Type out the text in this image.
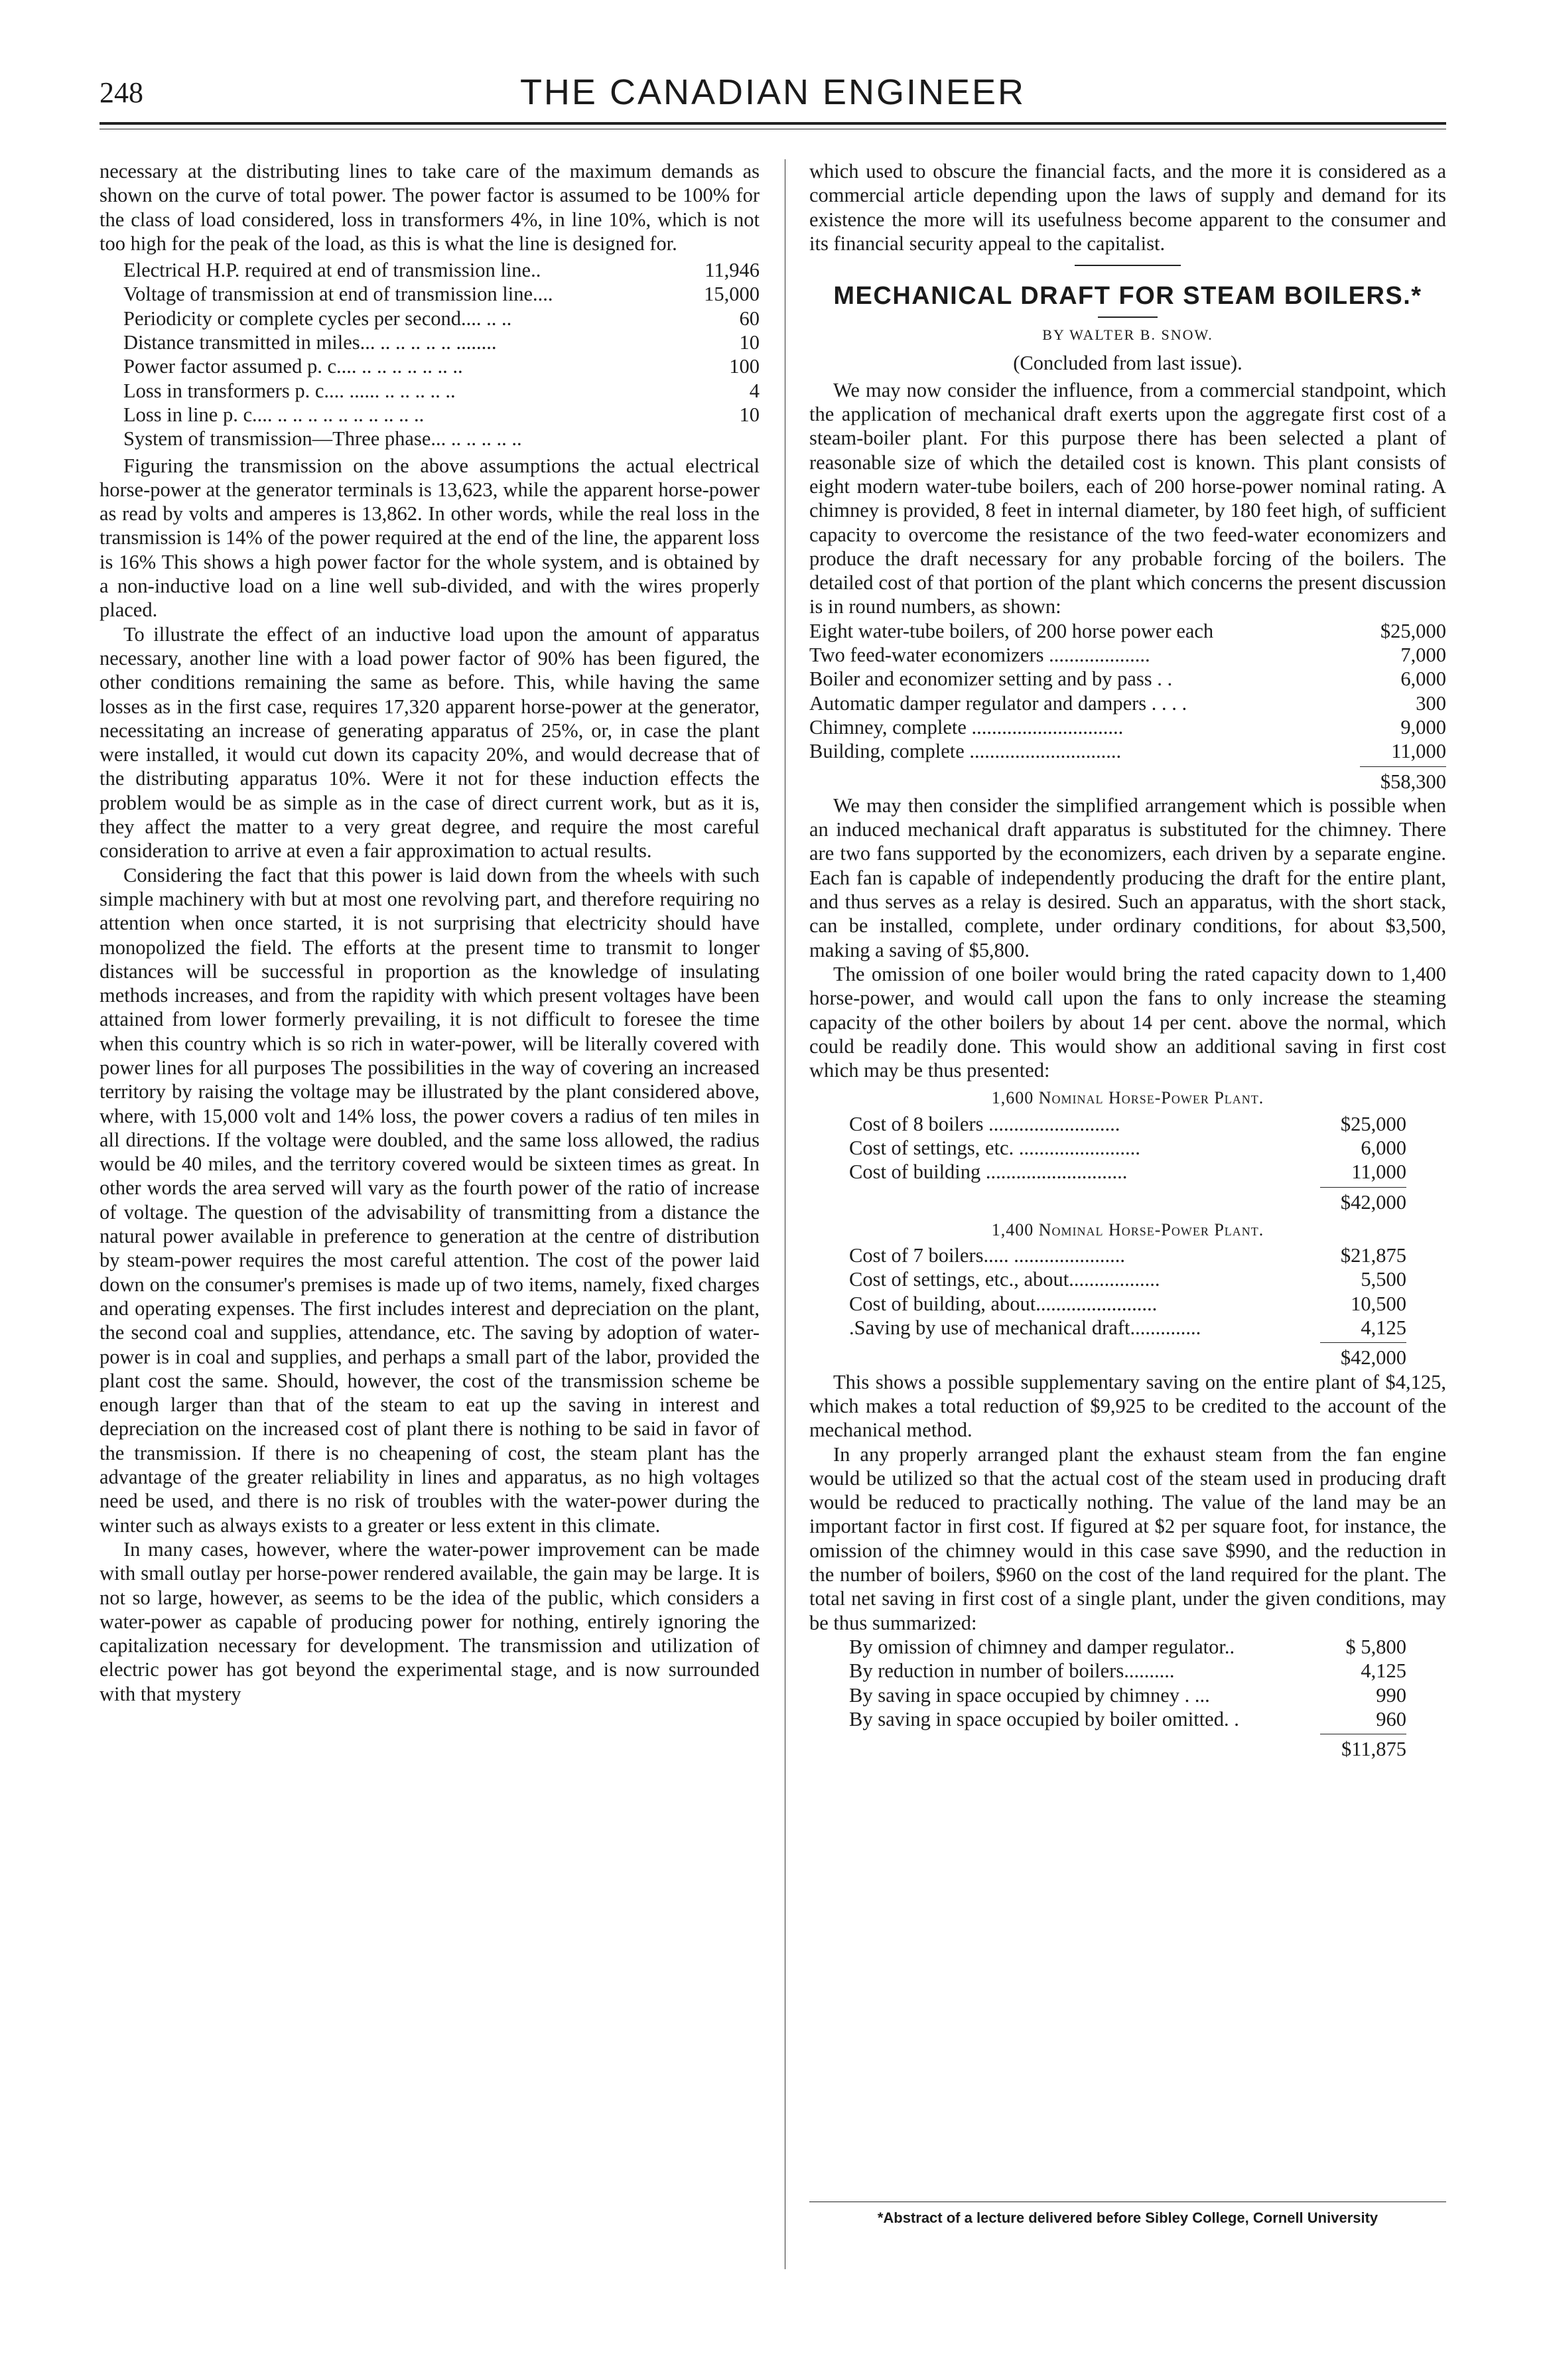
248	THE CANADIAN ENGINEER

necessary at the distributing lines to take care of the maximum demands as shown on the curve of total power. The power factor is assumed to be 100% for the class of load considered, loss in transformers 4%, in line 10%, which is not too high for the peak of the load, as this is what the line is designed for.

Electrical H.P. required at end of transmission line..	11,946
Voltage of transmission at end of transmission line....	15,000
Periodicity or complete cycles per second.... .. ..	60
Distance transmitted in miles... .. .. .. .. .. ........	10
Power factor assumed p. c.... .. .. .. .. .. .. ..	100
Loss in transformers p. c.... ...... .. .. .. .. ..	4
Loss in line p. c.... .. .. .. .. .. .. .. .. .. ..	10
System of transmission—Three phase... .. .. .. .. ..	

Figuring the transmission on the above assumptions the actual electrical horse-power at the generator terminals is 13,623, while the apparent horse-power as read by volts and amperes is 13,862. In other words, while the real loss in the transmission is 14% of the power required at the end of the line, the apparent loss is 16% This shows a high power factor for the whole system, and is obtained by a non-inductive load on a line well sub-divided, and with the wires properly placed.

To illustrate the effect of an inductive load upon the amount of apparatus necessary, another line with a load power factor of 90% has been figured, the other conditions remaining the same as before. This, while having the same losses as in the first case, requires 17,320 apparent horse-power at the generator, necessitating an increase of generating apparatus of 25%, or, in case the plant were installed, it would cut down its capacity 20%, and would decrease that of the distributing apparatus 10%. Were it not for these induction effects the problem would be as simple as in the case of direct current work, but as it is, they affect the matter to a very great degree, and require the most careful consideration to arrive at even a fair approximation to actual results.

Considering the fact that this power is laid down from the wheels with such simple machinery with but at most one revolving part, and therefore requiring no attention when once started, it is not surprising that electricity should have monopolized the field. The efforts at the present time to transmit to longer distances will be successful in proportion as the knowledge of insulating methods increases, and from the rapidity with which present voltages have been attained from lower formerly prevailing, it is not difficult to foresee the time when this country which is so rich in water-power, will be literally covered with power lines for all purposes The possibilities in the way of covering an increased territory by raising the voltage may be illustrated by the plant considered above, where, with 15,000 volt and 14% loss, the power covers a radius of ten miles in all directions. If the voltage were doubled, and the same loss allowed, the radius would be 40 miles, and the territory covered would be sixteen times as great. In other words the area served will vary as the fourth power of the ratio of increase of voltage. The question of the advisability of transmitting from a distance the natural power available in preference to generation at the centre of distribution by steam-power requires the most careful attention. The cost of the power laid down on the consumer's premises is made up of two items, namely, fixed charges and operating expenses. The first includes interest and depreciation on the plant, the second coal and supplies, attendance, etc. The saving by adoption of water-power is in coal and supplies, and perhaps a small part of the labor, provided the plant cost the same. Should, however, the cost of the transmission scheme be enough larger than that of the steam to eat up the saving in interest and depreciation on the increased cost of plant there is nothing to be said in favor of the transmission. If there is no cheapening of cost, the steam plant has the advantage of the greater reliability in lines and apparatus, as no high voltages need be used, and there is no risk of troubles with the water-power during the winter such as always exists to a greater or less extent in this climate.

In many cases, however, where the water-power improvement can be made with small outlay per horse-power rendered available, the gain may be large. It is not so large, however, as seems to be the idea of the public, which considers a water-power as capable of producing power for nothing, entirely ignoring the capitalization necessary for development. The transmission and utilization of electric power has got beyond the experimental stage, and is now surrounded with that mystery

which used to obscure the financial facts, and the more it is considered as a commercial article depending upon the laws of supply and demand for its existence the more will its usefulness become apparent to the consumer and its financial security appeal to the capitalist.

MECHANICAL DRAFT FOR STEAM BOILERS.*
BY WALTER B. SNOW.
(Concluded from last issue).

We may now consider the influence, from a commercial standpoint, which the application of mechanical draft exerts upon the aggregate first cost of a steam-boiler plant. For this purpose there has been selected a plant of reasonable size of which the detailed cost is known. This plant consists of eight modern water-tube boilers, each of 200 horse-power nominal rating. A chimney is provided, 8 feet in internal diameter, by 180 feet high, of sufficient capacity to overcome the resistance of the two feed-water economizers and produce the draft necessary for any probable forcing of the boilers. The detailed cost of that portion of the plant which concerns the present discussion is in round numbers, as shown:

Eight water-tube boilers, of 200 horse power each	$25,000
Two feed-water economizers ....................	7,000
Boiler and economizer setting and by pass . .	6,000
Automatic damper regulator and dampers . . . .	300
Chimney, complete ..............................	9,000
Building, complete ..............................	11,000
$58,300

We may then consider the simplified arrangement which is possible when an induced mechanical draft apparatus is substituted for the chimney. There are two fans supported by the economizers, each driven by a separate engine. Each fan is capable of independently producing the draft for the entire plant, and thus serves as a relay is desired. Such an apparatus, with the short stack, can be installed, complete, under ordinary conditions, for about $3,500, making a saving of $5,800.

The omission of one boiler would bring the rated capacity down to 1,400 horse-power, and would call upon the fans to only increase the steaming capacity of the other boilers by about 14 per cent. above the normal, which could be readily done. This would show an additional saving in first cost which may be thus presented:

1,600 Nominal Horse-Power Plant.
Cost of 8 boilers ..........................	$25,000
Cost of settings, etc. ........................	6,000
Cost of building ............................	11,000
$42,000
1,400 Nominal Horse-Power Plant.
Cost of 7 boilers..... ......................	$21,875
Cost of settings, etc., about..................	5,500
Cost of building, about........................	10,500
.Saving by use of mechanical draft..............	4,125
$42,000

This shows a possible supplementary saving on the entire plant of $4,125, which makes a total reduction of $9,925 to be credited to the account of the mechanical method.

In any properly arranged plant the exhaust steam from the fan engine would be utilized so that the actual cost of the steam used in producing draft would be reduced to practically nothing. The value of the land may be an important factor in first cost. If figured at $2 per square foot, for instance, the omission of the chimney would in this case save $990, and the reduction in the number of boilers, $960 on the cost of the land required for the plant. The total net saving in first cost of a single plant, under the given conditions, may be thus summarized:

By omission of chimney and damper regulator..	$ 5,800
By reduction in number of boilers..........	4,125
By saving in space occupied by chimney . ...	990
By saving in space occupied by boiler omitted. .	960
$11,875
*Abstract of a lecture delivered before Sibley College, Cornell University
